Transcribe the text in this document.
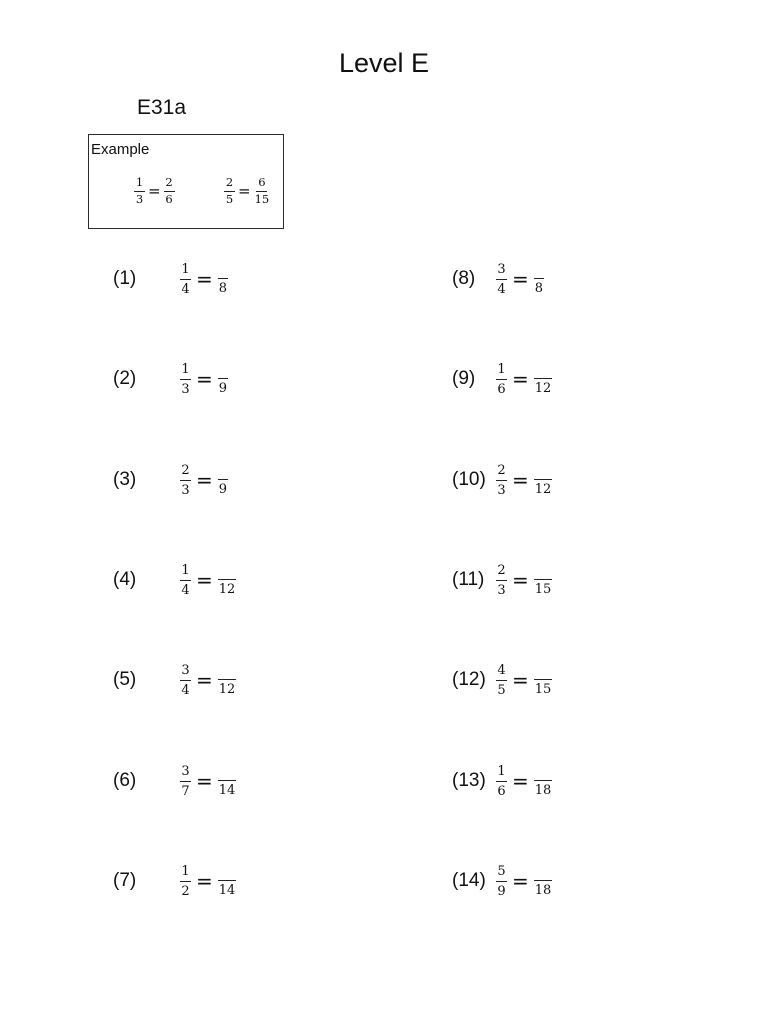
Level E
E31a
Example
$\frac{1}{3} = \frac{2}{6}$	$\frac{2}{5} = \frac{6}{15}$
(1)	$\frac{1}{4} = 8$
(2)	$\frac{1}{3} = 9$
(3)	$\frac{2}{3} = 9$
(4)	$\frac{1}{4} = 12$
(5)	$\frac{3}{4} = 12$
(6)	$\frac{3}{7} = 14$
(7)	$\frac{1}{2} = 14$
(8)	$\frac{3}{4} = 8$
(9)	$\frac{1}{6} = 12$
$(10) \frac{2}{3} = 12$
$(11) \frac{2}{3} = 15$
$(12) \frac{4}{5} = 15$
$(13) \frac{1}{6} = 18$
$(14) \frac{5}{9} = 18$
